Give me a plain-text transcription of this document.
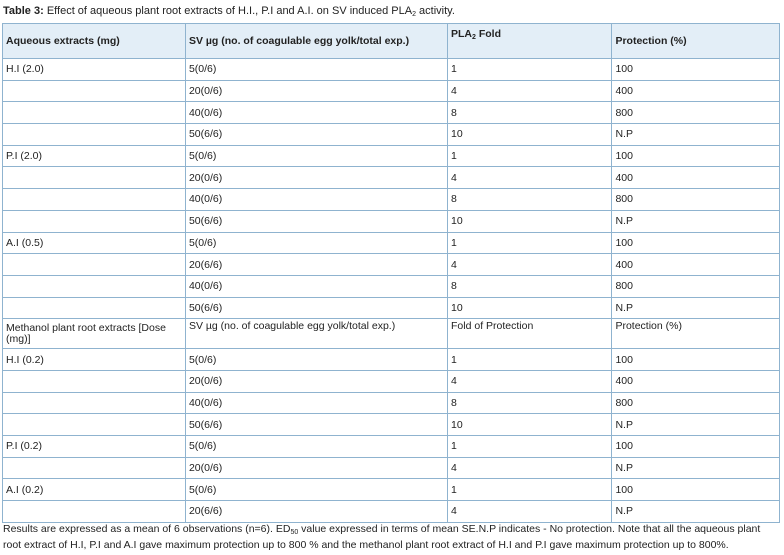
Table 3: Effect of aqueous plant root extracts of H.I., P.I and A.I. on SV induced $PLA_2$ activity.
Aqueous extracts (mg)	SV µg (no. of coagulable egg yolk/total exp.)	$PLA_2$ Fold	Protection (%)
H.I (2.0)	5(0/6)	1	100
	20(0/6)	4	400
	40(0/6)	8	800
	50(6/6)	10	N.P
P.I (2.0)	5(0/6)	1	100
	20(0/6)	4	400
	40(0/6)	8	800
	50(6/6)	10	N.P
A.I (0.5)	5(0/6)	1	100
	20(6/6)	4	400
	40(0/6)	8	800
	50(6/6)	10	N.P
Methanol plant root extracts [Dose (mg)]	SV µg (no. of coagulable egg yolk/total exp.)	Fold of Protection	Protection (%)
H.I (0.2)	5(0/6)	1	100
	20(0/6)	4	400
	40(0/6)	8	800
	50(6/6)	10	N.P
P.I (0.2)	5(0/6)	1	100
	20(0/6)	4	N.P
A.I (0.2)	5(0/6)	1	100
	20(6/6)	4	N.P
Results are expressed as a mean of 6 observations (n=6). $ED_{50}$ value expressed in terms of mean SE.N.P indicates - No protection. Note that all the aqueous plant root extract of H.I, P.I and A.I gave maximum protection up to 800 % and the methanol plant root extract of H.I and P.I gave maximum protection up to 800%.
